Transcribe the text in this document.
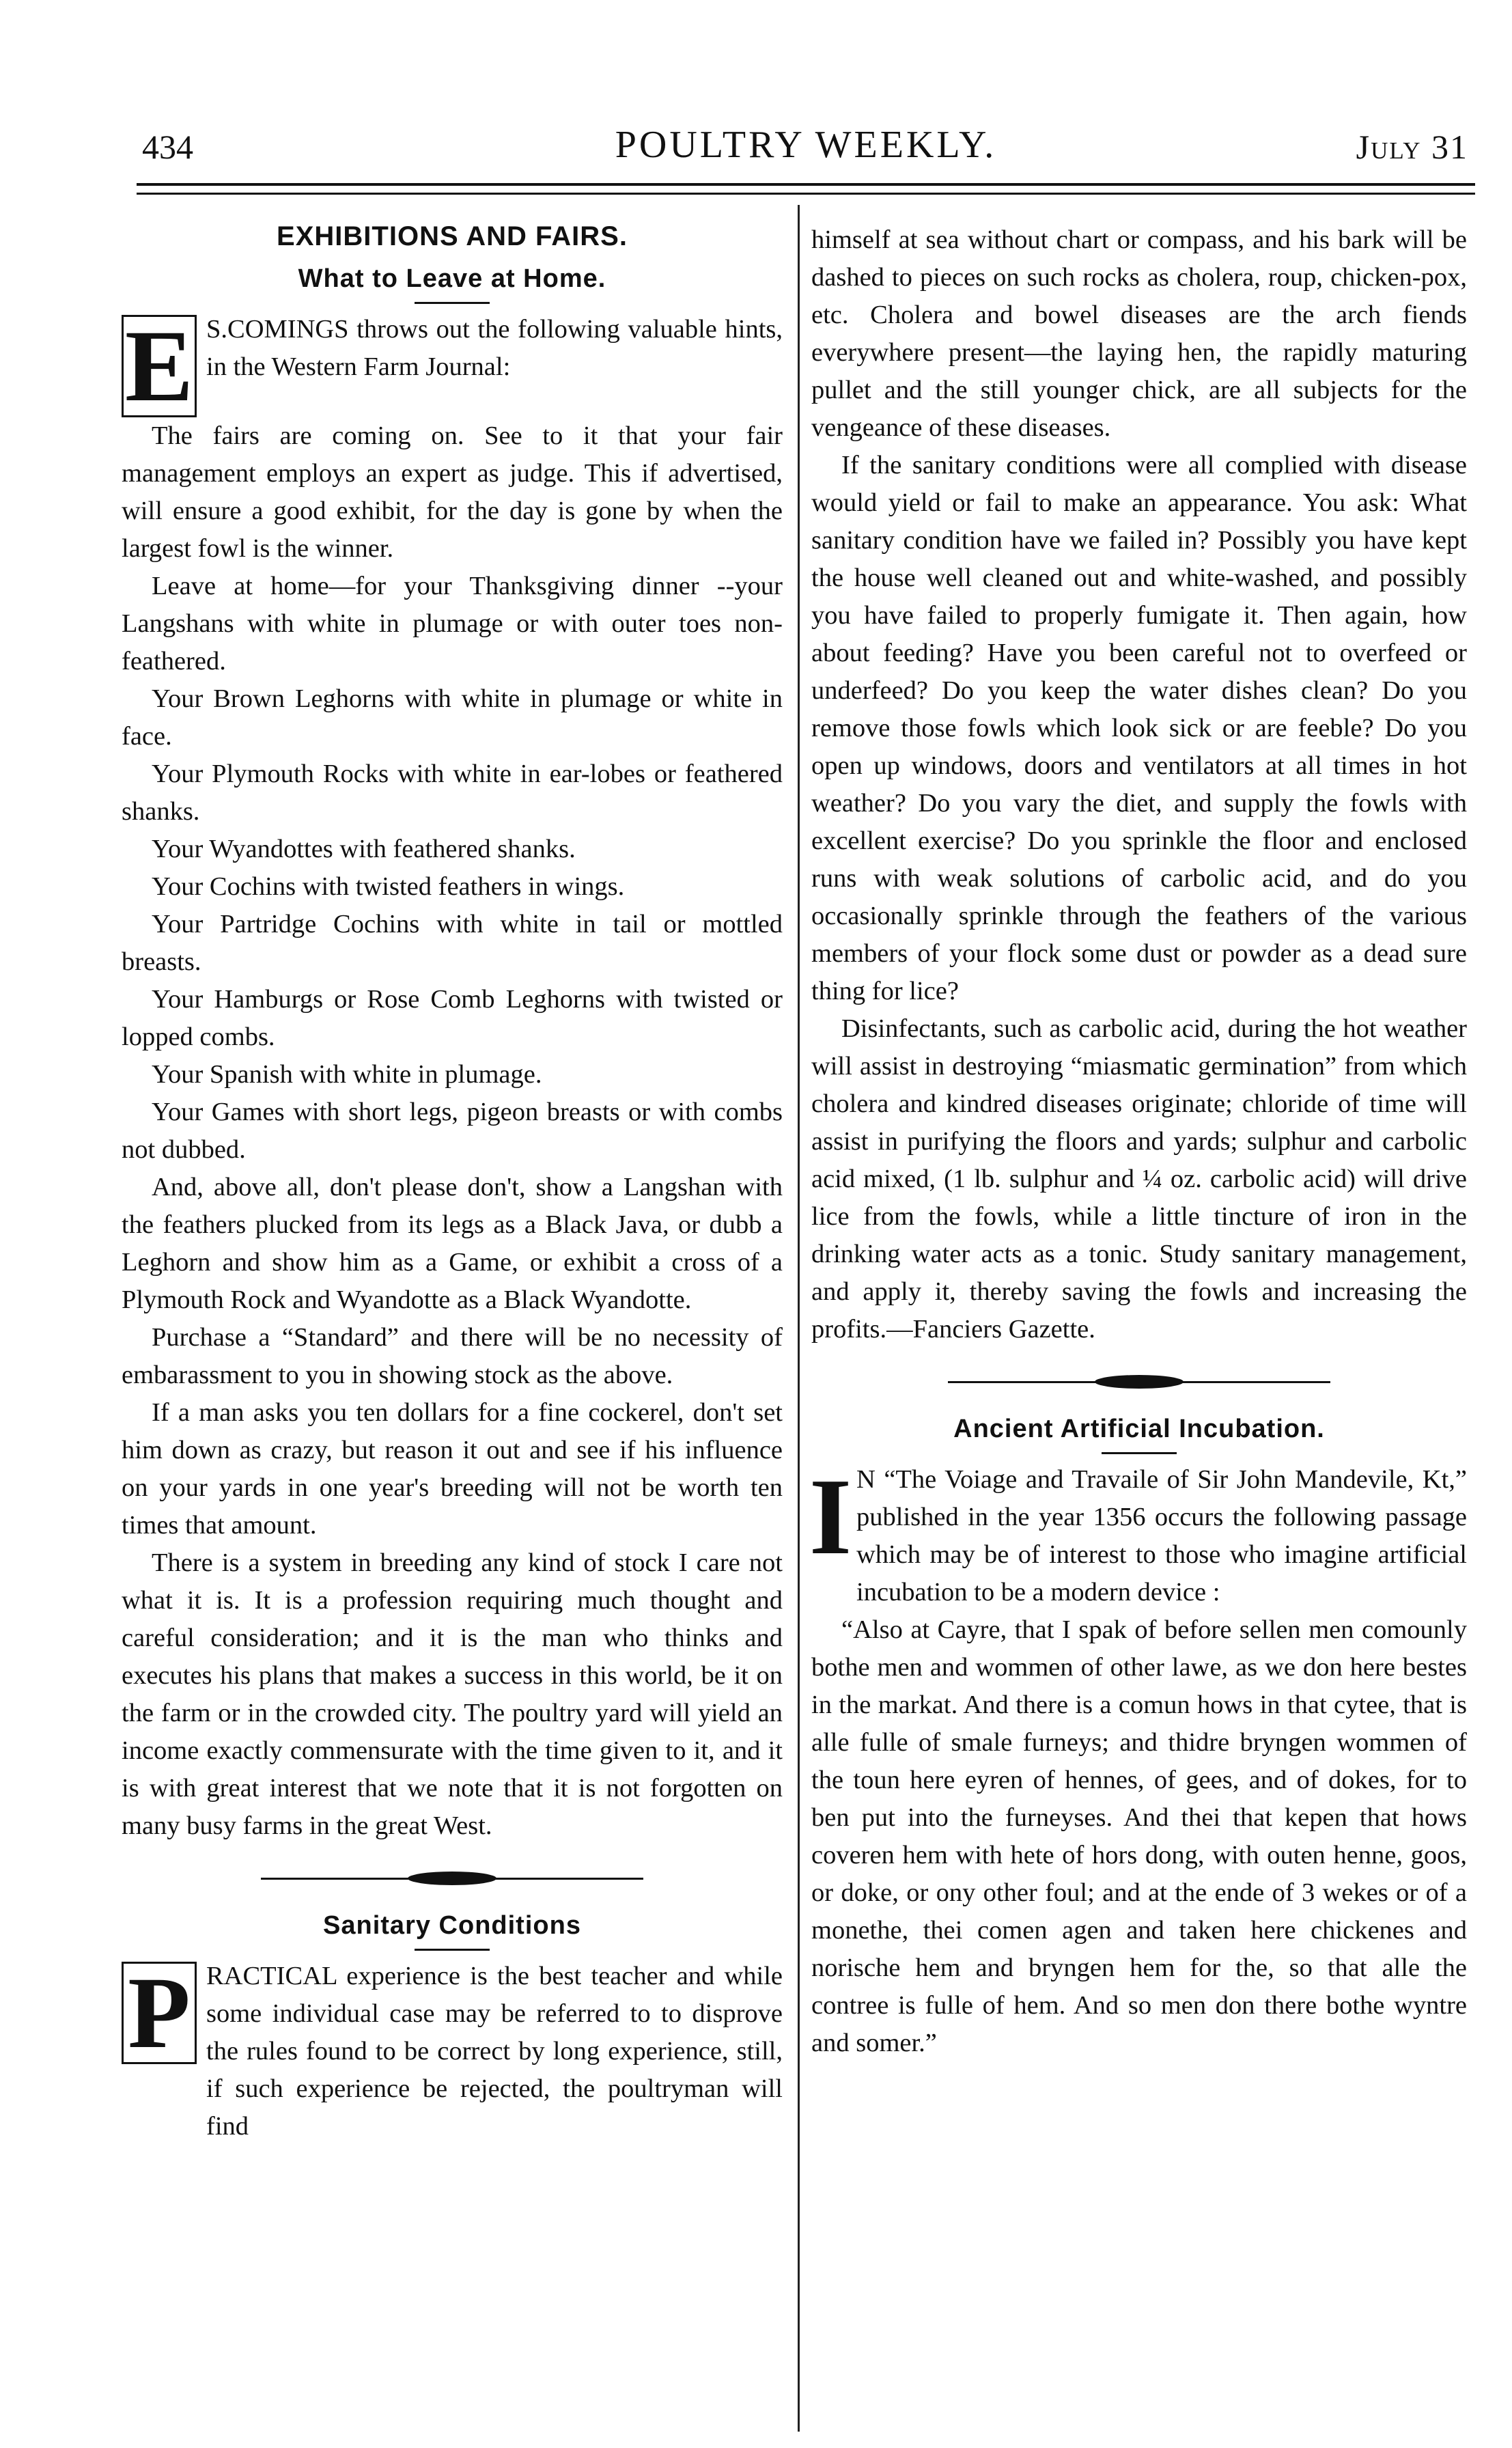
434	POULTRY WEEKLY.	July 31
EXHIBITIONS AND FAIRS.
What to Leave at Home.
E S.COMINGS throws out the following valuable hints, in the Western Farm Journal:

The fairs are coming on. See to it that your fair management employs an expert as judge. This if advertised, will ensure a good exhibit, for the day is gone by when the largest fowl is the winner.

Leave at home—for your Thanksgiving dinner --your Langshans with white in plumage or with outer toes non-feathered.

Your Brown Leghorns with white in plumage or white in face.

Your Plymouth Rocks with white in ear-lobes or feathered shanks.

Your Wyandottes with feathered shanks.

Your Cochins with twisted feathers in wings.

Your Partridge Cochins with white in tail or mottled breasts.

Your Hamburgs or Rose Comb Leghorns with twisted or lopped combs.

Your Spanish with white in plumage.

Your Games with short legs, pigeon breasts or with combs not dubbed.

And, above all, don't please don't, show a Langshan with the feathers plucked from its legs as a Black Java, or dubb a Leghorn and show him as a Game, or exhibit a cross of a Plymouth Rock and Wyandotte as a Black Wyandotte.

Purchase a “Standard” and there will be no necessity of embarassment to you in showing stock as the above.

If a man asks you ten dollars for a fine cockerel, don't set him down as crazy, but reason it out and see if his influence on your yards in one year's breeding will not be worth ten times that amount.

There is a system in breeding any kind of stock I care not what it is. It is a profession requiring much thought and careful consideration; and it is the man who thinks and executes his plans that makes a success in this world, be it on the farm or in the crowded city. The poultry yard will yield an income exactly commensurate with the time given to it, and it is with great interest that we note that it is not forgotten on many busy farms in the great West.

Sanitary Conditions
P RACTICAL experience is the best teacher and while some individual case may be referred to to disprove the rules found to be correct by long experience, still, if such experience be rejected, the poultryman will find

himself at sea without chart or compass, and his bark will be dashed to pieces on such rocks as cholera, roup, chicken-pox, etc. Cholera and bowel diseases are the arch fiends everywhere present—the laying hen, the rapidly maturing pullet and the still younger chick, are all subjects for the vengeance of these diseases.

If the sanitary conditions were all complied with disease would yield or fail to make an appearance. You ask: What sanitary condition have we failed in? Possibly you have kept the house well cleaned out and white-washed, and possibly you have failed to properly fumigate it. Then again, how about feeding? Have you been careful not to overfeed or underfeed? Do you keep the water dishes clean? Do you remove those fowls which look sick or are feeble? Do you open up windows, doors and ventilators at all times in hot weather? Do you vary the diet, and supply the fowls with excellent exercise? Do you sprinkle the floor and enclosed runs with weak solutions of carbolic acid, and do you occasionally sprinkle through the feathers of the various members of your flock some dust or powder as a dead sure thing for lice?

Disinfectants, such as carbolic acid, during the hot weather will assist in destroying “miasmatic germination” from which cholera and kindred diseases originate; chloride of time will assist in purifying the floors and yards; sulphur and carbolic acid mixed, (1 lb. sulphur and ¼ oz. carbolic acid) will drive lice from the fowls, while a little tincture of iron in the drinking water acts as a tonic. Study sanitary management, and apply it, thereby saving the fowls and increasing the profits.—Fanciers Gazette.

Ancient Artificial Incubation.
I N “The Voiage and Travaile of Sir John Mandevile, Kt,” published in the year 1356 occurs the following passage which may be of interest to those who imagine artificial incubation to be a modern device :

“Also at Cayre, that I spak of before sellen men comounly bothe men and wommen of other lawe, as we don here bestes in the markat. And there is a comun hows in that cytee, that is alle fulle of smale furneys; and thidre bryngen wommen of the toun here eyren of hennes, of gees, and of dokes, for to ben put into the furneyses. And thei that kepen that hows coveren hem with hete of hors dong, with outen henne, goos, or doke, or ony other foul; and at the ende of 3 wekes or of a monethe, thei comen agen and taken here chickenes and norische hem and bryngen hem for the, so that alle the contree is fulle of hem. And so men don there bothe wyntre and somer.”
